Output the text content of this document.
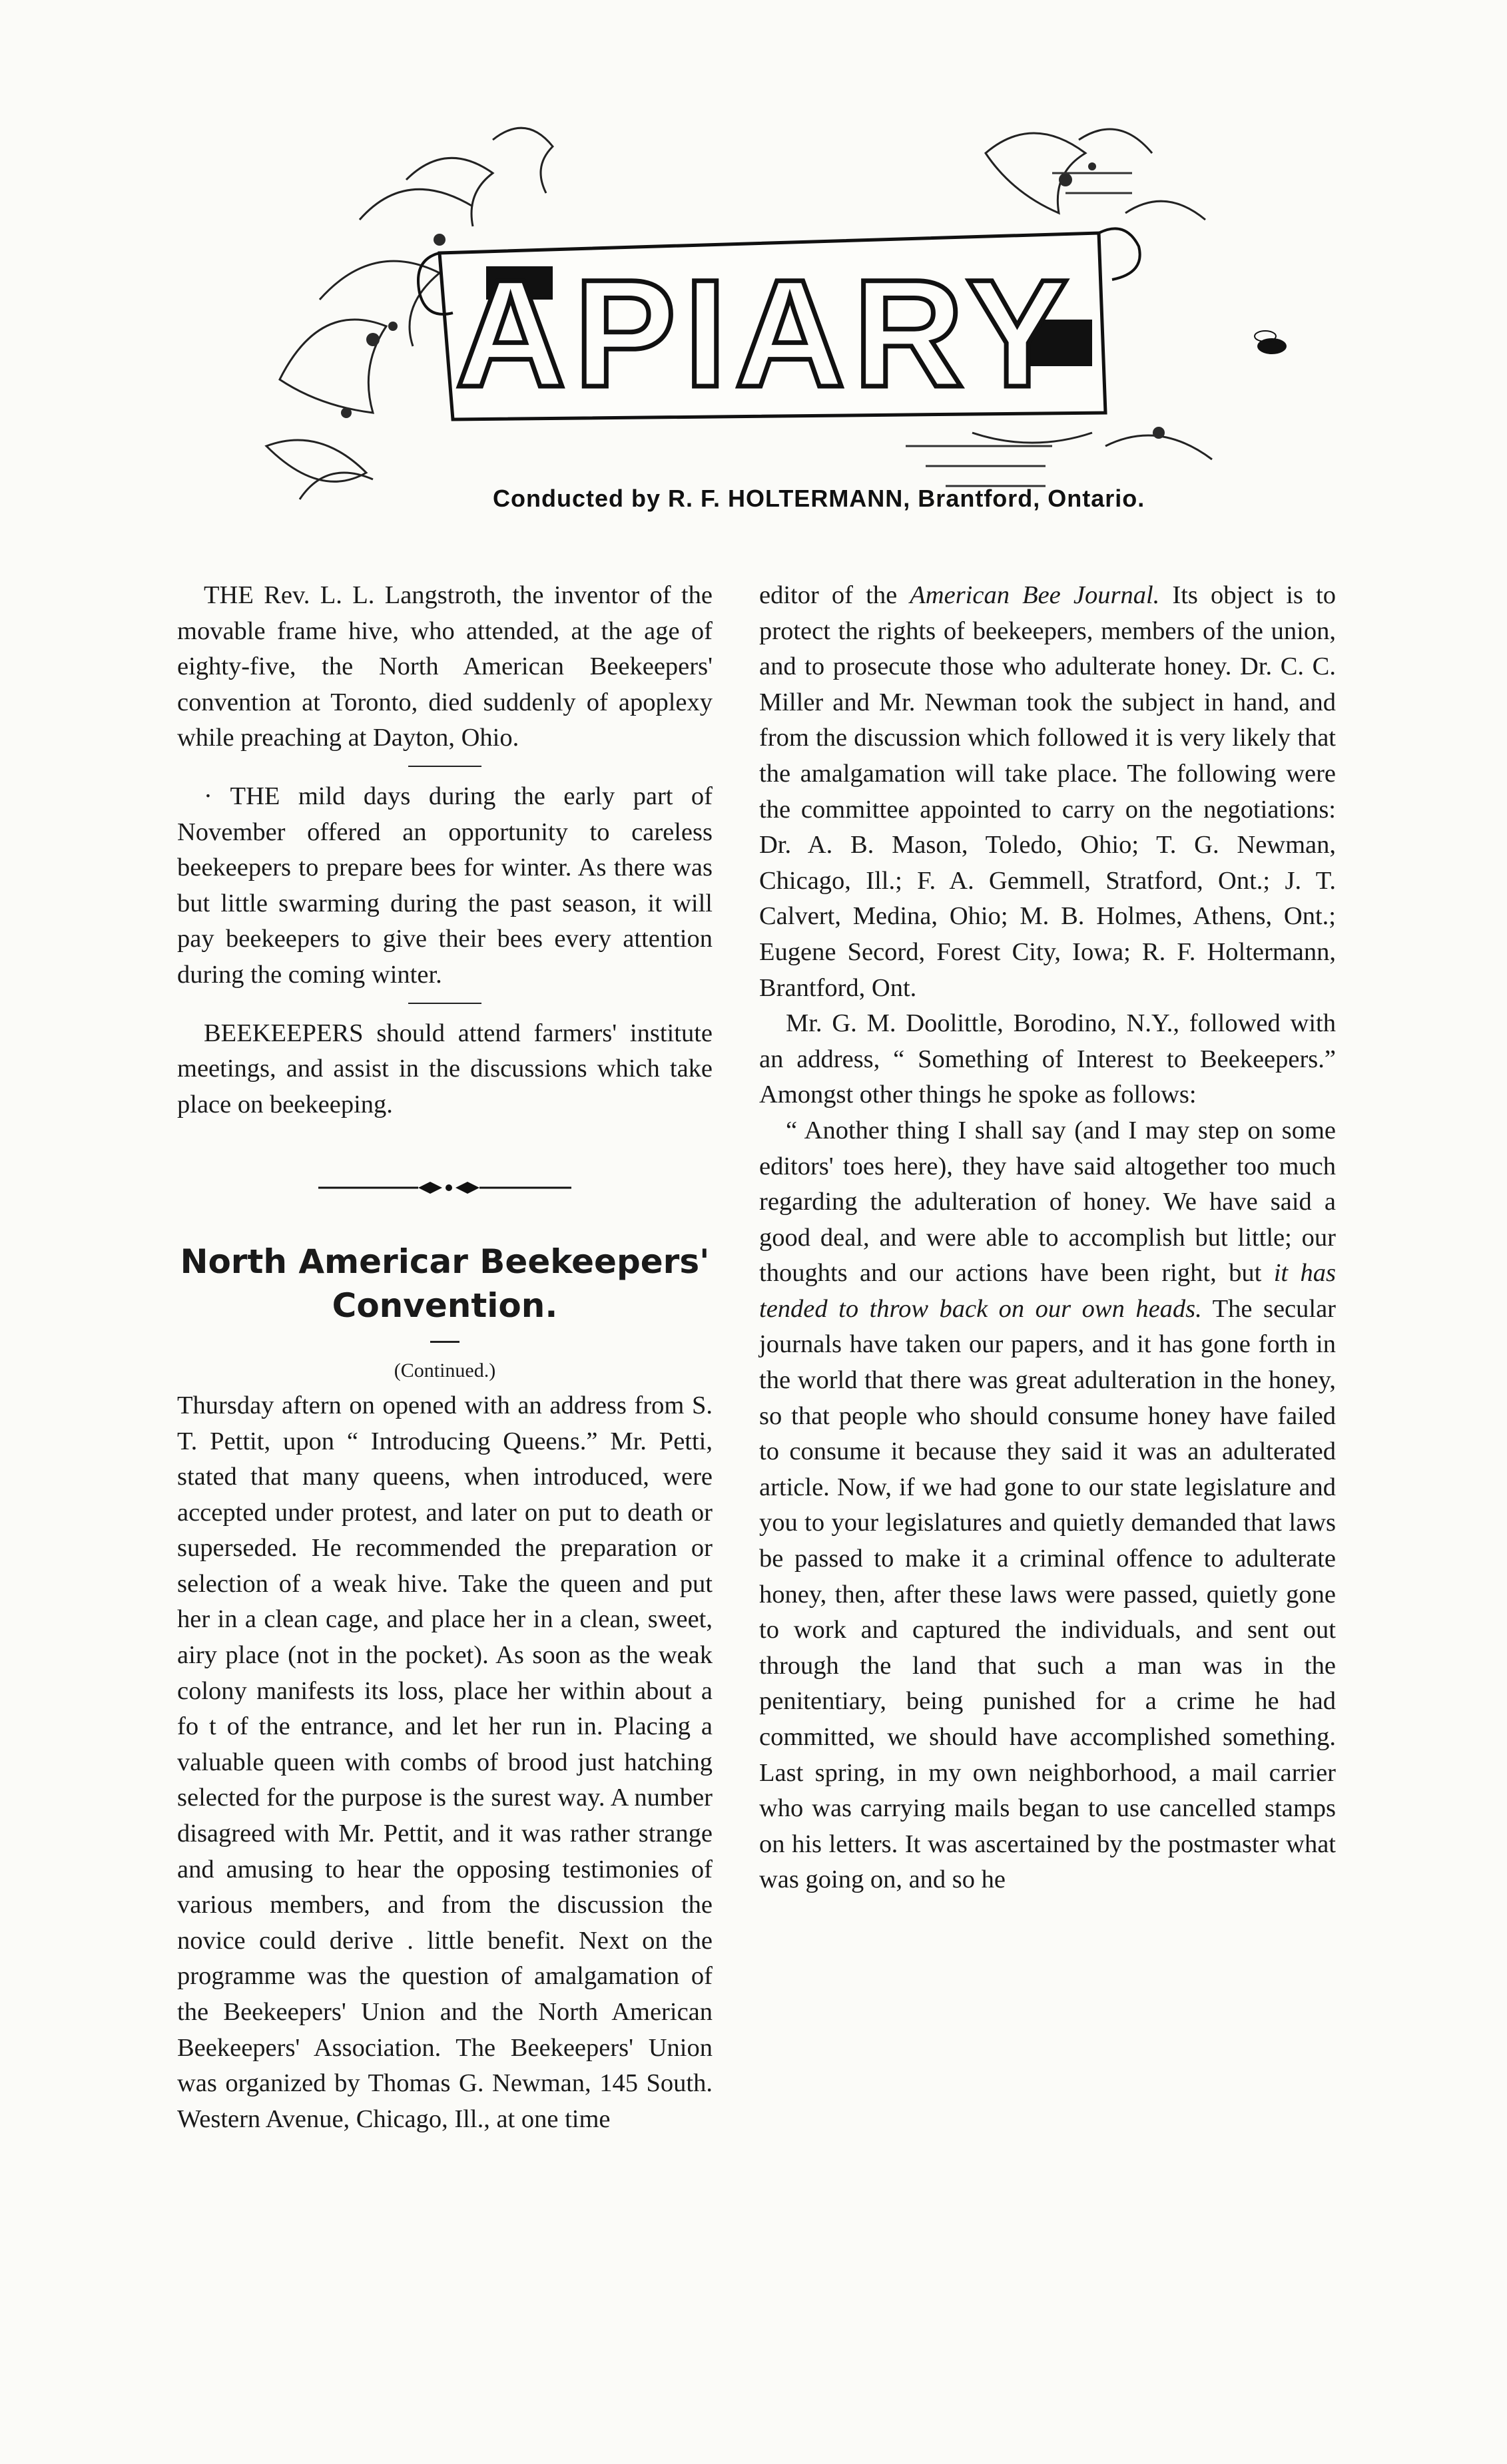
APIARY
Conducted by R. F. HOLTERMANN, Brantford, Ontario.

THE Rev. L. L. Langstroth, the inventor of the movable frame hive, who attended, at the age of eighty-five, the North American Beekeepers' convention at Toronto, died suddenly of apoplexy while preaching at Dayton, Ohio.

· THE mild days during the early part of November offered an opportunity to careless beekeepers to prepare bees for winter. As there was but little swarming during the past season, it will pay beekeepers to give their bees every attention during the coming winter.

BEEKEEPERS should attend farmers' institute meetings, and assist in the discussions which take place on beekeeping.

North Americar Beekeepers' Convention.
(Continued.)

Thursday aftern on opened with an address from S. T. Pettit, upon “ Introducing Queens.” Mr. Petti, stated that many queens, when introduced, were accepted under protest, and later on put to death or superseded. He recommended the preparation or selection of a weak hive. Take the queen and put her in a clean cage, and place her in a clean, sweet, airy place (not in the pocket). As soon as the weak colony manifests its loss, place her within about a fo t of the entrance, and let her run in. Placing a valuable queen with combs of brood just hatching selected for the purpose is the surest way. A number disagreed with Mr. Pettit, and it was rather strange and amusing to hear the opposing testimonies of various members, and from the discussion the novice could derive . little benefit. Next on the programme was the question of amalgamation of the Beekeepers' Union and the North American Beekeepers' Association. The Beekeepers' Union was organized by Thomas G. Newman, 145 South. Western Avenue, Chicago, Ill., at one time

editor of the American Bee Journal. Its object is to protect the rights of beekeepers, members of the union, and to prosecute those who adulterate honey. Dr. C. C. Miller and Mr. Newman took the subject in hand, and from the discussion which followed it is very likely that the amalgamation will take place. The following were the committee appointed to carry on the negotiations: Dr. A. B. Mason, Toledo, Ohio; T. G. Newman, Chicago, Ill.; F. A. Gemmell, Stratford, Ont.; J. T. Calvert, Medina, Ohio; M. B. Holmes, Athens, Ont.; Eugene Secord, Forest City, Iowa; R. F. Holtermann, Brantford, Ont.

Mr. G. M. Doolittle, Borodino, N.Y., followed with an address, “ Something of Interest to Beekeepers.” Amongst other things he spoke as follows:

“ Another thing I shall say (and I may step on some editors' toes here), they have said altogether too much regarding the adulteration of honey. We have said a good deal, and were able to accomplish but little; our thoughts and our actions have been right, but it has tended to throw back on our own heads. The secular journals have taken our papers, and it has gone forth in the world that there was great adulteration in the honey, so that people who should consume honey have failed to consume it because they said it was an adulterated article. Now, if we had gone to our state legislature and you to your legislatures and quietly demanded that laws be passed to make it a criminal offence to adulterate honey, then, after these laws were passed, quietly gone to work and captured the individuals, and sent out through the land that such a man was in the penitentiary, being punished for a crime he had committed, we should have accomplished something. Last spring, in my own neighborhood, a mail carrier who was carrying mails began to use cancelled stamps on his letters. It was ascertained by the postmaster what was going on, and so he
